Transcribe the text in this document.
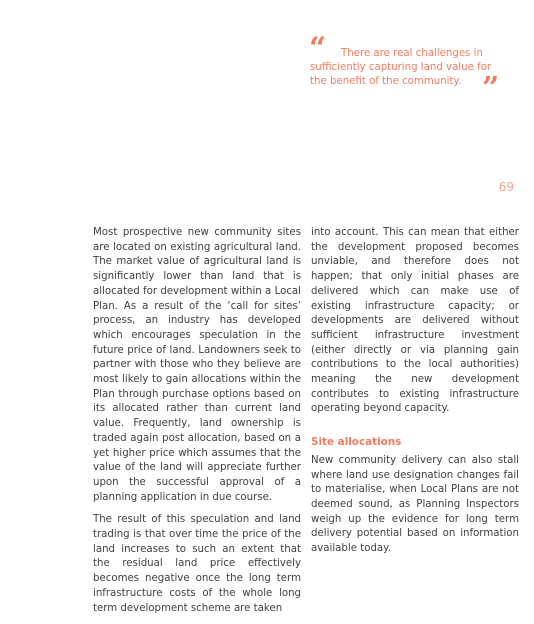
“	There are real challenges in sufficiently capturing land value for the benefit of the community. ”
69

Most prospective new community sites are located on existing agricultural land. The market value of agricultural land is significantly lower than land that is allocated for development within a Local Plan. As a result of the ‘call for sites’ process, an industry has developed which encourages speculation in the future price of land. Landowners seek to partner with those who they believe are most likely to gain allocations within the Plan through purchase options based on its allocated rather than current land value. Frequently, land ownership is traded again post allocation, based on a yet higher price which assumes that the value of the land will appreciate further upon the successful approval of a planning application in due course.

The result of this speculation and land trading is that over time the price of the land increases to such an extent that the residual land price effectively becomes negative once the long term infrastructure costs of the whole long term development scheme are taken

into account. This can mean that either the development proposed becomes unviable, and therefore does not happen; that only initial phases are delivered which can make use of existing infrastructure capacity; or developments are delivered without sufficient infrastructure investment (either directly or via planning gain contributions to the local authorities) meaning the new development contributes to existing infrastructure operating beyond capacity.

Site allocations

New community delivery can also stall where land use designation changes fail to materialise, when Local Plans are not deemed sound, as Planning Inspectors weigh up the evidence for long term delivery potential based on information available today.
